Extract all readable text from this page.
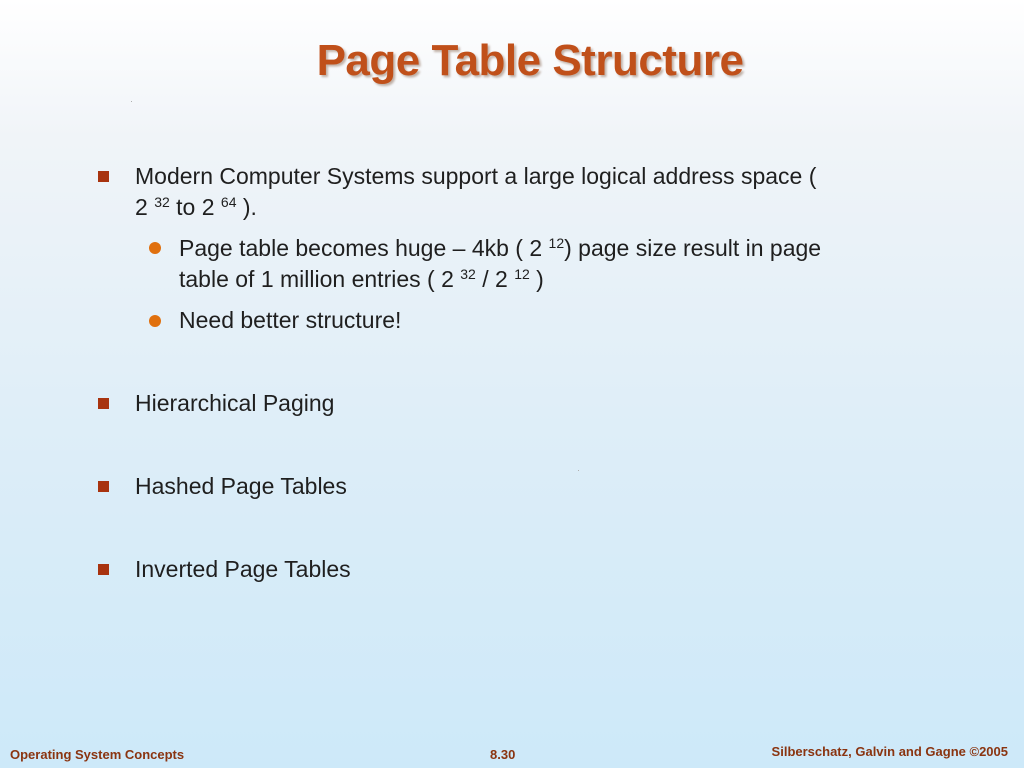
Page Table Structure
Modern Computer Systems support a large logical address space (
2 $^{32}$ to 2 $^{64}$ ).
Page table becomes huge – 4kb ( 2 $^{12}$) page size result in page
table of 1 million entries ( 2 $^{32}$ / 2 $^{12}$ )
Need better structure!
Hierarchical Paging
Hashed Page Tables
Inverted Page Tables
Operating System Concepts	8.30	Silberschatz, Galvin and Gagne ©2005
